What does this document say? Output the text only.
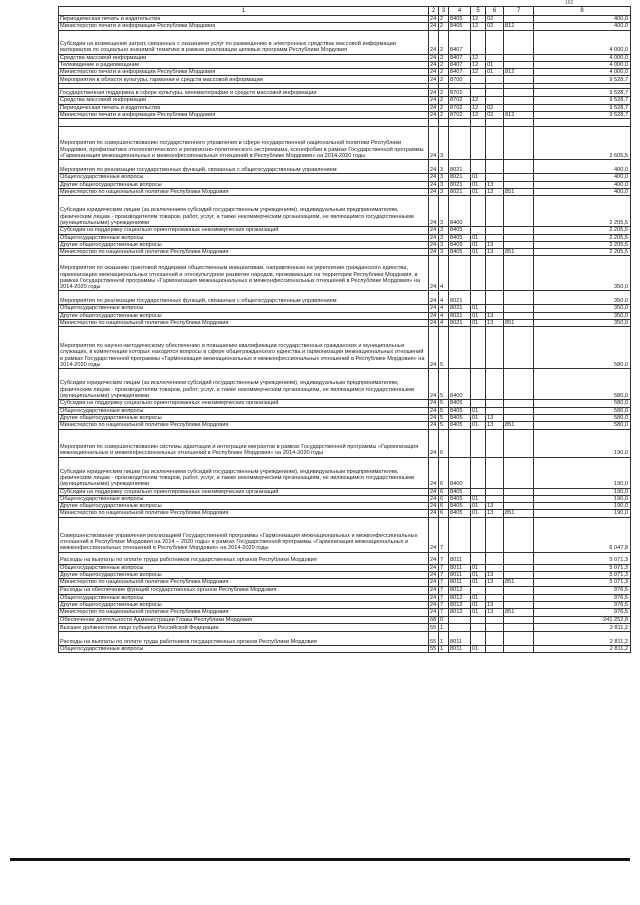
162
1	2	3	4	5	6	7	8
Периодическая печать и издательства	24	2	8405	12	02		400,0
Министерство печати и информации Республики Мордовия	24	2	8405	12	02	812	400,0
Субсидии на возмещение затрат, связанных с оказанием услуг по размещению в электронных средствах массовой информации материалов по социально значимой тематике в рамках реализации целевых программ Республики Мордовия	24	2	8407				4 000,0
Средства массовой информации	24	2	8407	12			4 000,0
Телевидение и радиовещание	24	2	8407	12	01		4 000,0
Министерство печати и информации Республики Мордовия	24	2	8407	12	01	812	4 000,0
Мероприятия в области культуры, гармонии и средств массовой информации	24	2	8700				9 528,7

Государственная поддержка в сфере культуры, кинематографии и средств массовой информации	24	2	8702				9 528,7
Средства массовой информации	24	2	8702	12			9 528,7
Периодическая печать и издательства	24	2	8702	12	02		9 528,7
Министерство печати и информации Республики Мордовия	24	2	8702	12	02	812	9 528,7

Мероприятия по совершенствованию государственного управления в сфере государственной национальной политики Республики Мордовия, профилактика этнополитического и религиозно-политического экстремизма, ксенофобии в рамках Государственной программы «Гармонизация межнациональных и межконфессиональных отношений в Республике Мордовия» на 2014-2020 годы	24	3					2 605,5
Мероприятия по реализации государственных функций, связанных с общегосударственным управлением	24	3	8021				400,0
Общегосударственные вопросы	24	3	8021	01			400,0
Другие общегосударственные вопросы	24	3	8021	01	13		400,0
Министерство по национальной политике Республики Мордовия	24	3	8021	01	13	851	400,0
Субсидии юридическим лицам (за исключением субсидий государственным учреждениям), индивидуальным предпринимателям, физическим лицам - производителям товаров, работ, услуг, а также некоммерческим организациям, не являющимся государственными (муниципальными) учреждениями	24	3	8400				2 205,5
Субсидии на поддержку социально ориентированных некоммерческих организаций	24	3	8405				2 205,5
Общегосударственные вопросы	24	3	8405	01			2 205,5
Другие общегосударственные вопросы	24	3	8405	01	13		2 205,5
Министерство по национальной политике Республики Мордовия	24	3	8405	01	13	851	2 205,5
Мероприятия по оказанию грантовой поддержки общественным инициативам, направленным на укрепление гражданского единства, гармонизацию межнациональных отношений и этнокультурное развитие народов, проживающих на территории Республики Мордовия, в рамках Государственной программы «Гармонизация межнациональных и межконфессиональных отношений в Республике Мордовия» на 2014-2020 годы	24	4					350,0
Мероприятия по реализации государственных функций, связанных с общегосударственным управлением	24	4	8021				350,0
Общегосударственные вопросы	24	4	8021	01			350,0
Другие общегосударственные вопросы	24	4	8021	01	13		350,0
Министерство по национальной политике Республики Мордовия	24	4	8021	01	13	851	350,0
Мероприятия по научно-методическому обеспечению и повышению квалификации государственных гражданских и муниципальных служащих, в компетенции которых находятся вопросы в сфере общегражданского единства и гармонизации межнациональных отношений в рамках Государственной программы «Гармонизация межнациональных и межконфессиональных отношений в Республике Мордовия» на 2014-2020 годы	24	5					580,0
Субсидии юридическим лицам (за исключением субсидий государственным учреждениям), индивидуальным предпринимателям, физическим лицам - производителям товаров, работ, услуг, а также некоммерческим организациям, не являющимся государственными (муниципальными) учреждениями	24	5	8400				580,0
Субсидии на поддержку социально ориентированных некоммерческих организаций	24	5	8405				580,0
Общегосударственные вопросы	24	5	8405	01			580,0
Другие общегосударственные вопросы	24	5	8405	01	13		580,0
Министерство по национальной политике Республики Мордовия	24	5	8405	01	13	851	580,0
Мероприятия по совершенствованию системы адаптации и интеграции мигрантов в рамках Государственной программы «Гармонизация межнациональных и межконфессиональных отношений в Республике Мордовия» на 2014-2020 годы	24	6					190,0
Субсидии юридическим лицам (за исключением субсидий государственным учреждениям), индивидуальным предпринимателям, физическим лицам - производителям товаров, работ, услуг, а также некоммерческим организациям, не являющимся государственными (муниципальными) учреждениями	24	6	8400				190,0
Субсидии на поддержку социально ориентированных некоммерческих организаций	24	6	8405				190,0
Общегосударственные вопросы	24	6	8405	01			190,0
Другие общегосударственные вопросы	24	6	8405	01	13		190,0
Министерство по национальной политике Республики Мордовия	24	6	8405	01	13	851	190,0
Совершенствование управления реализацией Государственной программы «Гармонизация межнациональных и межконфессиональных отношений в Республике Мордовия на 2014 – 2020 годы» в рамках Государственной программы «Гармонизация межнациональных и межконфессиональных отношений в Республике Мордовия» на 2014-2020 годы	24	7					6 047,8
Расходы на выплаты по оплате труда работников государственных органов Республики Мордовия	24	7	8011				5 071,3
Общегосударственные вопросы	24	7	8011	01			5 071,3
Другие общегосударственные вопросы	24	7	8011	01	13		5 071,3
Министерство по национальной политике Республики Мордовия	24	7	8011	01	13	851	5 071,3
Расходы на обеспечение функций государственных органов Республики Мордовия	24	7	8012				976,5
Общегосударственные вопросы	24	7	8012	01			976,5
Другие общегосударственные вопросы	24	7	8012	01	13		976,5
Министерство по национальной политике Республики Мордовия	24	7	8012	01	13	851	976,5
Обеспечение деятельности Администрации Главы Республики Мордовия	68	0					241 252,8
Высшее должностное лицо субъекта Российской Федерации	55	1					2 811,2
Расходы на выплаты по оплате труда работников государственных органов Республики Мордовия	55	1	8011				2 811,2
Общегосударственные вопросы	55	1	8011	01			2 811,2
